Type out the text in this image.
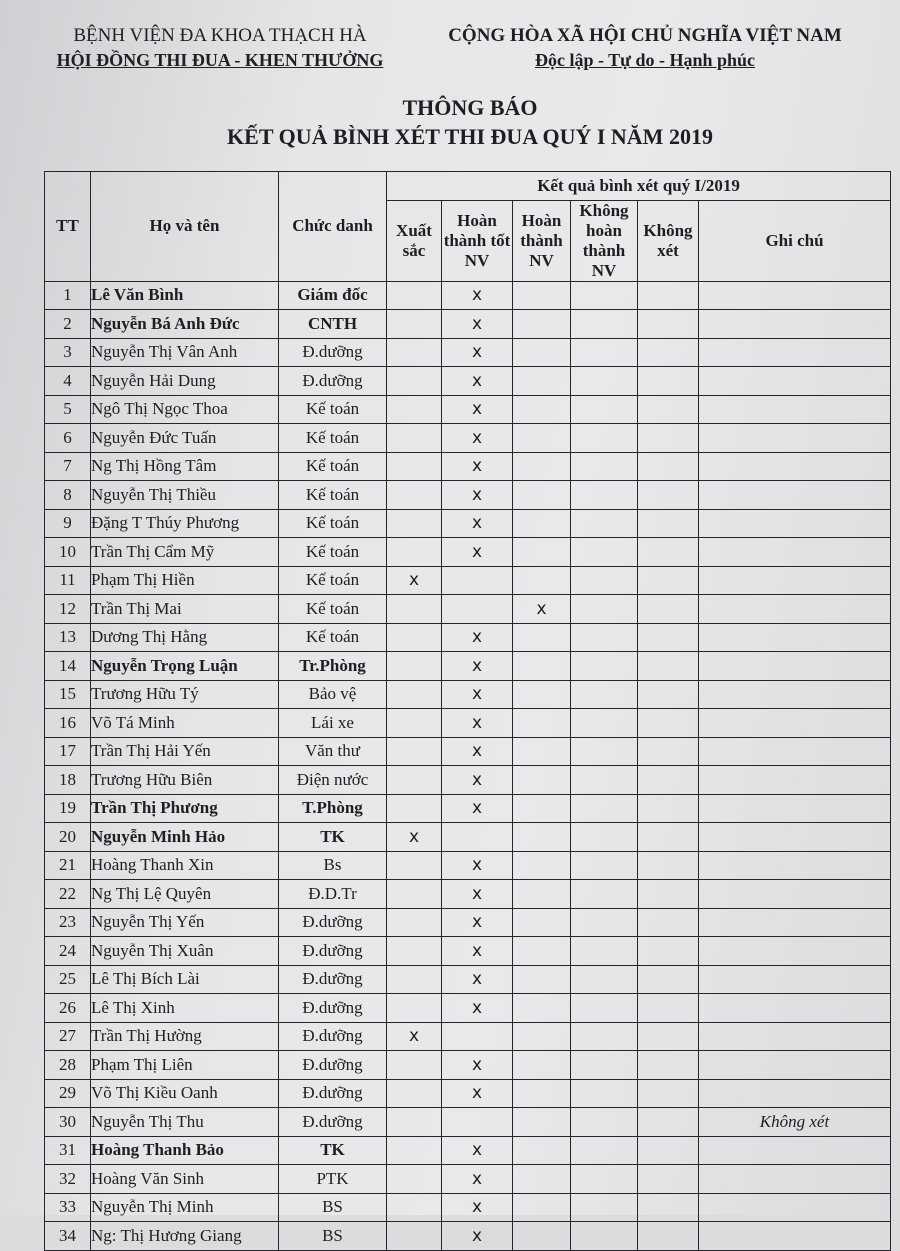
BỆNH VIỆN ĐA KHOA THẠCH HÀ
HỘI ĐỒNG THI ĐUA - KHEN THƯỞNG
CỘNG HÒA XÃ HỘI CHỦ NGHĨA VIỆT NAM
Độc lập - Tự do - Hạnh phúc
THÔNG BÁO
KẾT QUẢ BÌNH XÉT THI ĐUA QUÝ I NĂM 2019
TT	Họ và tên	Chức danh	Kết quả bình xét quý I/2019					
			Xuất sắc	Hoàn thành tốt NV	Hoàn thành NV	Không hoàn thành NV	Không xét	Ghi chú
1	Lê Văn Bình	Giám đốc		x				
2	Nguyễn Bá Anh Đức	CNTH		x				
3	Nguyễn Thị Vân Anh	Đ.dưỡng		x				
4	Nguyễn Hải Dung	Đ.dưỡng		x				
5	Ngô Thị Ngọc Thoa	Kế toán		x				
6	Nguyễn Đức Tuấn	Kế toán		x				
7	Ng Thị Hồng Tâm	Kế toán		x				
8	Nguyễn Thị Thiều	Kế toán		x				
9	Đặng T Thúy Phương	Kế toán		x				
10	Trần Thị Cẩm Mỹ	Kế toán		x				
11	Phạm Thị Hiền	Kế toán	x					
12	Trần Thị Mai	Kế toán			x			
13	Dương Thị Hằng	Kế toán		x				
14	Nguyễn Trọng Luận	Tr.Phòng		x				
15	Trương Hữu Tý	Bảo vệ		x				
16	Võ Tá Minh	Lái xe		x				
17	Trần Thị Hải Yến	Văn thư		x				
18	Trương Hữu Biên	Điện nước		x				
19	Trần Thị Phương	T.Phòng		x				
20	Nguyễn Minh Hảo	TK	x					
21	Hoàng Thanh Xin	Bs		x				
22	Ng Thị Lệ Quyên	Đ.D.Tr		x				
23	Nguyễn Thị Yến	Đ.dưỡng		x				
24	Nguyễn Thị Xuân	Đ.dưỡng		x				
25	Lê Thị Bích Lài	Đ.dưỡng		x				
26	Lê Thị Xinh	Đ.dưỡng		x				
27	Trần Thị Hường	Đ.dưỡng	x					
28	Phạm Thị Liên	Đ.dưỡng		x				
29	Võ Thị Kiều Oanh	Đ.dưỡng		x				
30	Nguyễn Thị Thu	Đ.dưỡng						Không xét
31	Hoàng Thanh Bảo	TK		x				
32	Hoàng Văn Sinh	PTK		x				
33	Nguyễn Thị Minh	BS		x				
34	Ng: Thị Hương Giang	BS		x				
